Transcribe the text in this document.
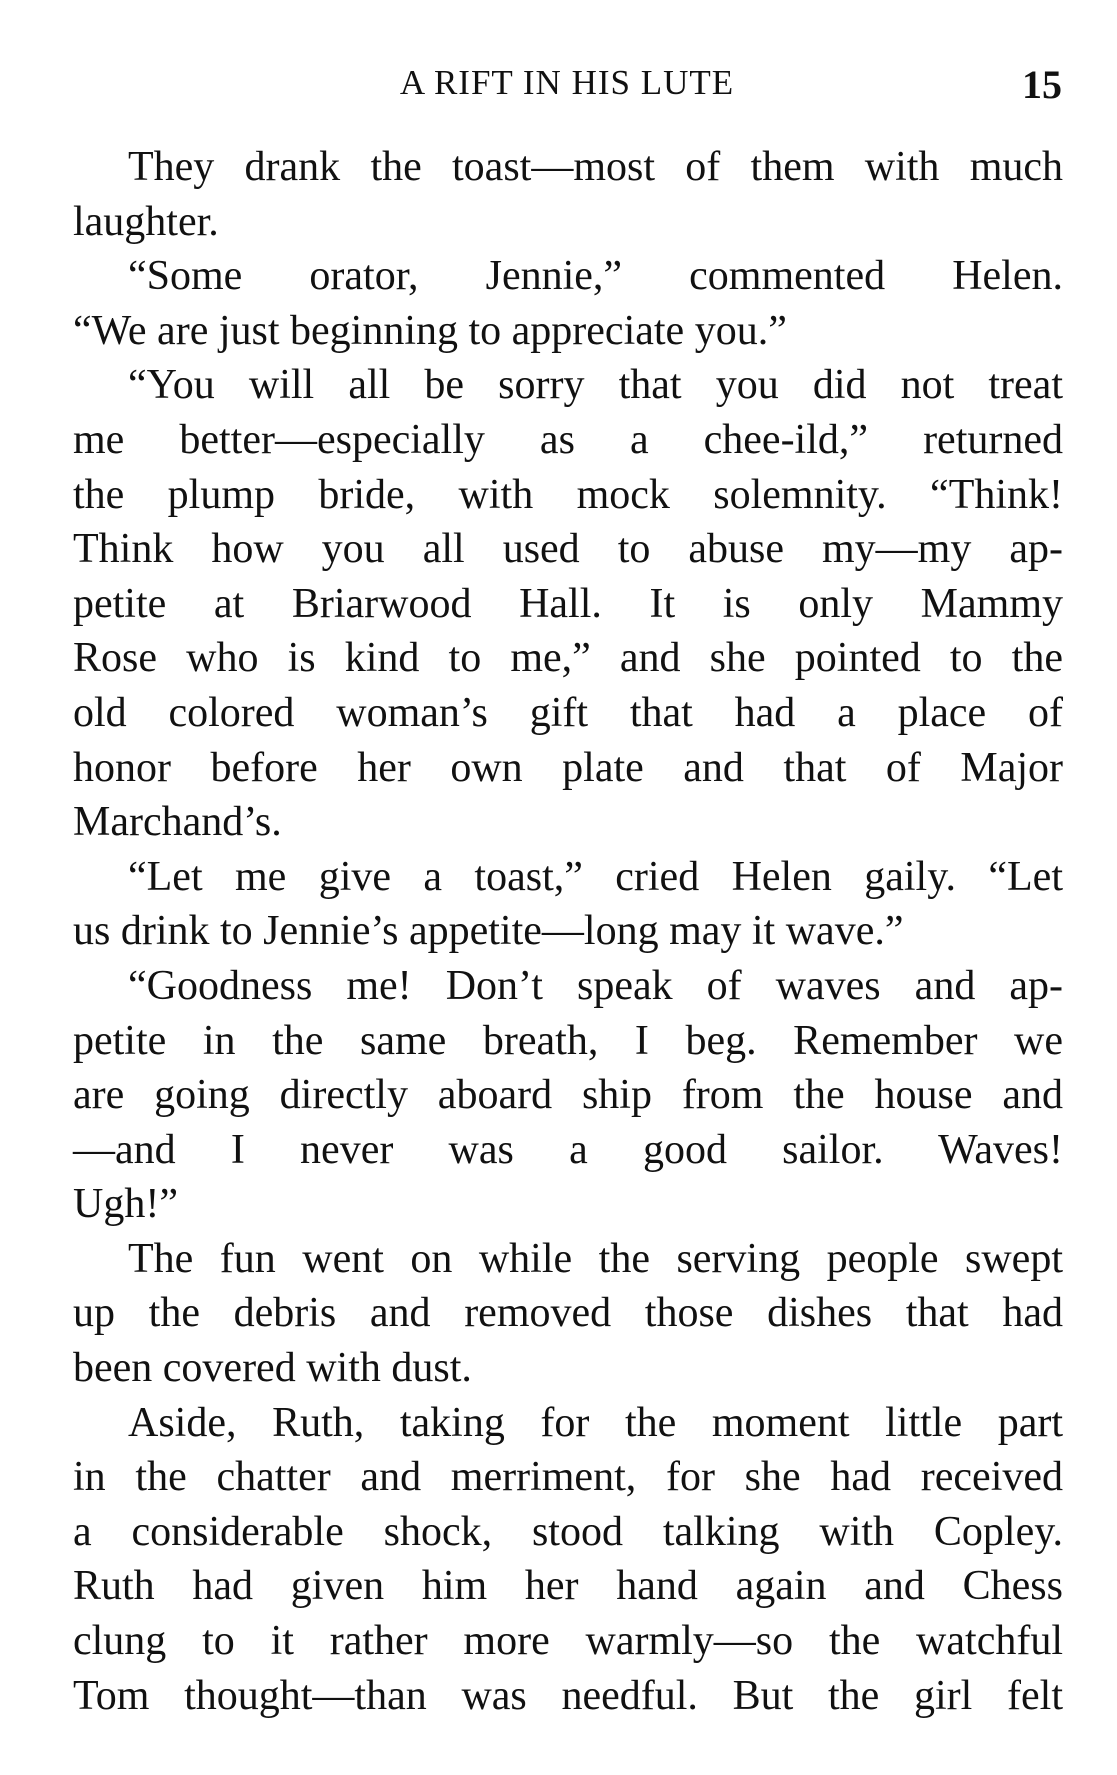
A RIFT IN HIS LUTE	15
They drank the toast—most of them with much
laughter.
“Some orator, Jennie,” commented Helen.
“We are just beginning to appreciate you.”
“You will all be sorry that you did not treat
me better—especially as a chee-ild,” returned
the plump bride, with mock solemnity. “Think!
Think how you all used to abuse my—my ap-
petite at Briarwood Hall. It is only Mammy
Rose who is kind to me,” and she pointed to the
old colored woman’s gift that had a place of
honor before her own plate and that of Major
Marchand’s.
“Let me give a toast,” cried Helen gaily. “Let
us drink to Jennie’s appetite—long may it wave.”
“Goodness me! Don’t speak of waves and ap-
petite in the same breath, I beg. Remember we
are going directly aboard ship from the house and
—and I never was a good sailor. Waves!
Ugh!”
The fun went on while the serving people swept
up the debris and removed those dishes that had
been covered with dust.
Aside, Ruth, taking for the moment little part
in the chatter and merriment, for she had received
a considerable shock, stood talking with Copley.
Ruth had given him her hand again and Chess
clung to it rather more warmly—so the watchful
Tom thought—than was needful. But the girl felt
